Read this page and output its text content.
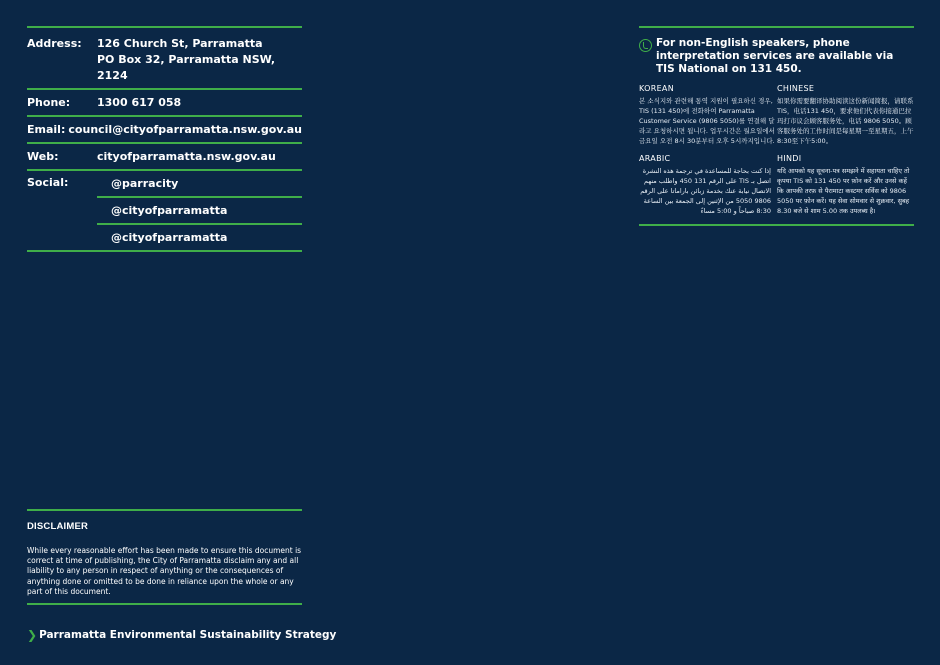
Address:	126 Church St, Parramatta
PO Box 32, Parramatta NSW, 2124
Phone:	1300 617 058
Email: council@cityofparramatta.nsw.gov.au
Web:	cityofparramatta.nsw.gov.au
Social:	@parracity
@cityofparramatta
@cityofparramatta
For non-English speakers, phone interpretation services are available via TIS National on 131 450.
KOREAN
본 소식지와 관련해 통역 지원이 필요하신 경우, TIS (131 450)에 전화하여 Parramatta Customer Service (9806 5050)를 연결해 달라고 요청하시면 됩니다. 업무시간은 월요일에서 금요일 오전 8시 30분부터 오후 5시까지입니다.
CHINESE
如果你需要翻译协助阅读这份新闻简报，请联系 TIS，电话131 450，要求他们代表你接通巴拉玛打市议会顾客服务处，电话 9806 5050。顾客服务处的工作时间是每星期一至星期五，上午8:30至下午5:00。
ARABIC
إذا كنت بحاجة للمساعدة في ترجمة هذه النشرة اتصل بـ TIS على الرقم 131 450 واطلب منهم الاتصال نيابة عنك بخدمة زبائن باراماتا على الرقم 9806 5050 من الإثنين إلى الجمعة بين الساعة 8:30 صباحاً و 5:00 مساءً
HINDI
यदि आपको यह सूचना-पत्र समझने में सहायता चाहिए तो कृपया TIS को 131 450 पर फ़ोन करें और उनसे कहें कि आपकी तरफ़ से पैरामाटा कस्टमर सर्विस को 9806 5050 पर फ़ोन करें। यह सेवा सोमवार से शुक्रवार, सुबह 8.30 बजे से शाम 5.00 तक उपलब्ध है।
DISCLAIMER
While every reasonable effort has been made to ensure this document is correct at time of publishing, the City of Parramatta disclaim any and all liability to any person in respect of anything or the consequences of anything done or omitted to be done in reliance upon the whole or any part of this document.
❯ Parramatta Environmental Sustainability Strategy
